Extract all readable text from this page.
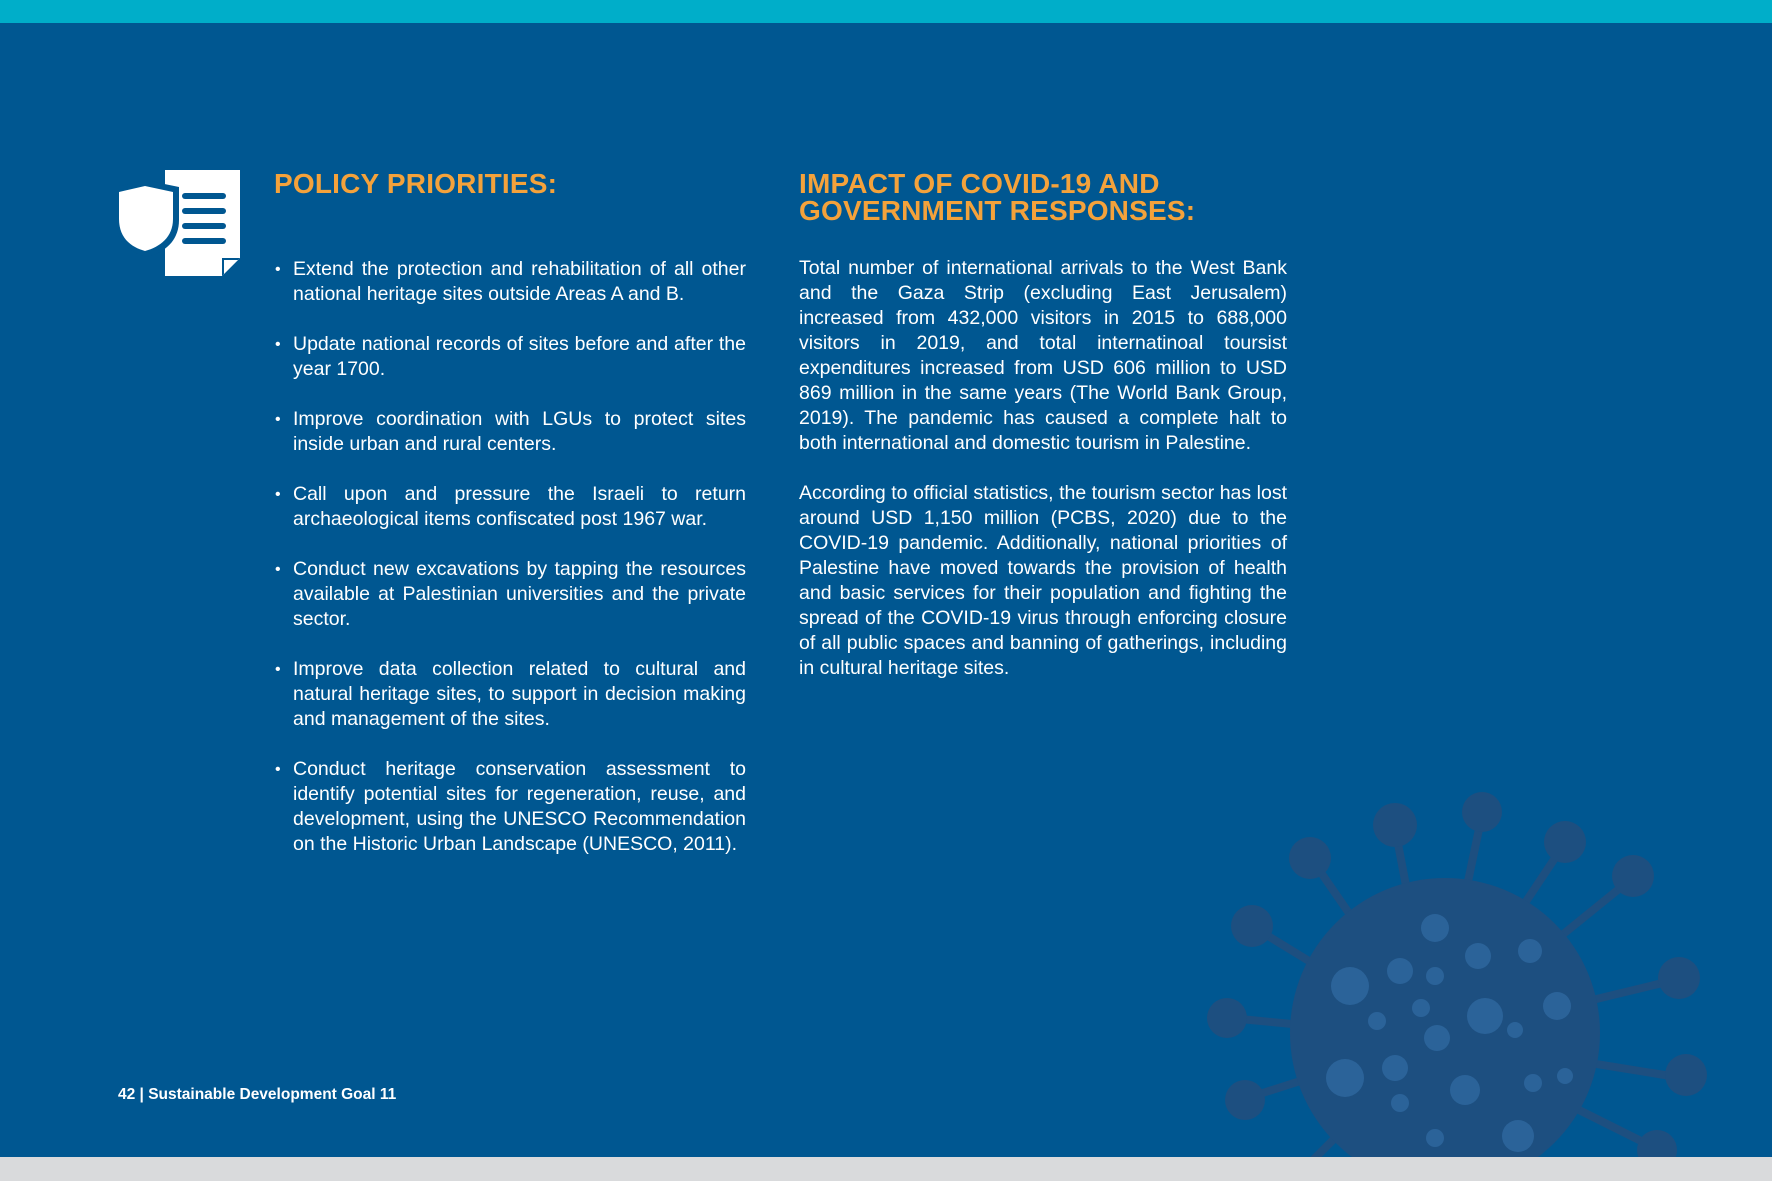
POLICY PRIORITIES:
• Extend the protection and rehabilitation of all other national heritage sites outside Areas A and B.
• Update national records of sites before and after the year 1700.
• Improve coordination with LGUs to protect sites inside urban and rural centers.
• Call upon and pressure the Israeli to return archaeological items confiscated post 1967 war.
• Conduct new excavations by tapping the resources available at Palestinian universities and the private sector.
• Improve data collection related to cultural and natural heritage sites, to support in decision making and management of the sites.
• Conduct heritage conservation assessment to identify potential sites for regeneration, reuse, and development, using the UNESCO Recommendation on the Historic Urban Landscape (UNESCO, 2011).
IMPACT OF COVID-19 AND
GOVERNMENT RESPONSES:

Total number of international arrivals to the West Bank and the Gaza Strip (excluding East Jerusalem) increased from 432,000 visitors in 2015 to 688,000 visitors in 2019, and total internatinoal toursist expenditures increased from USD 606 million to USD 869 million in the same years (The World Bank Group, 2019). The pandemic has caused a complete halt to both international and domestic tourism in Palestine.

According to official statistics, the tourism sector has lost around USD 1,150 million (PCBS, 2020) due to the COVID-19 pandemic. Additionally, national priorities of Palestine have moved towards the provision of health and basic services for their population and fighting the spread of the COVID-19 virus through enforcing closure of all public spaces and banning of gatherings, including in cultural heritage sites.

42 | Sustainable Development Goal 11
